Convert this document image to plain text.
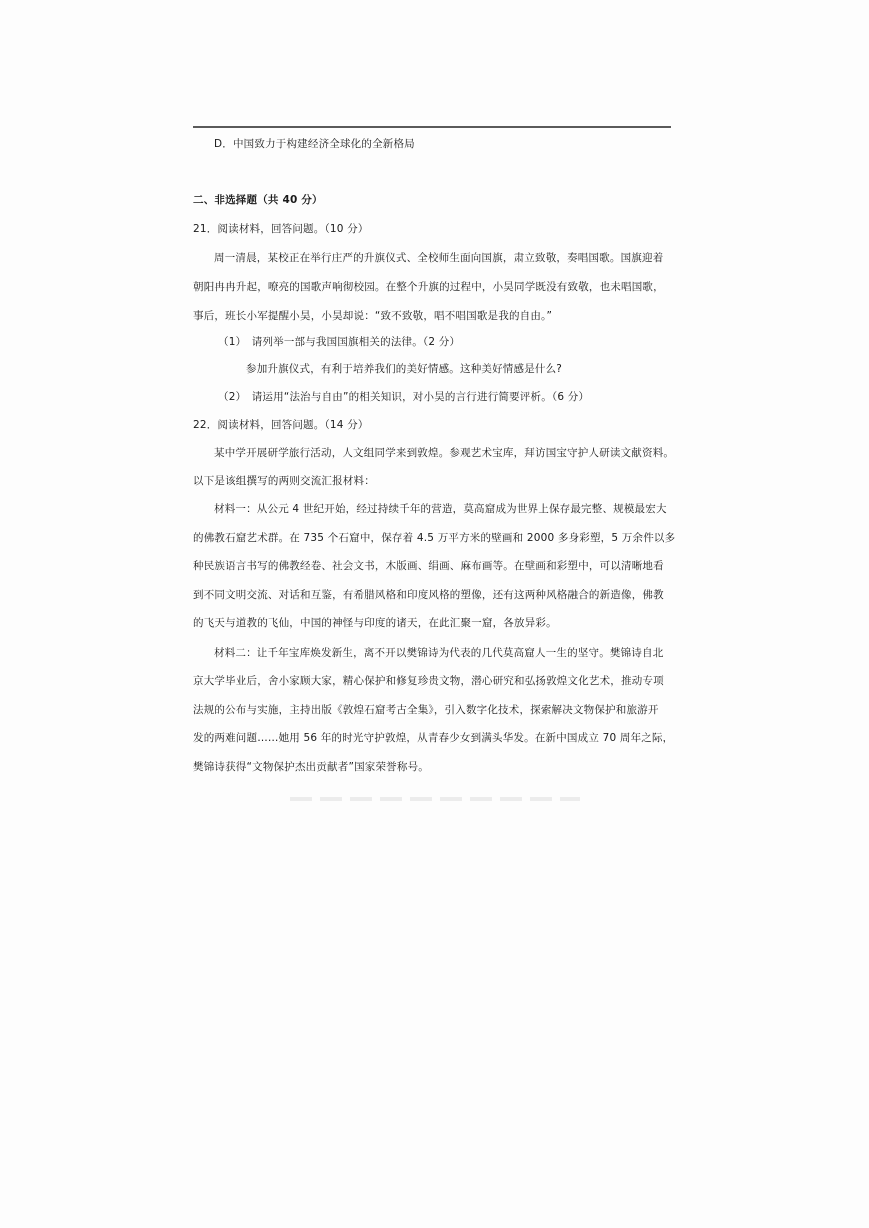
D．中国致力于构建经济全球化的全新格局
二、非选择题（共 40 分）
21．阅读材料，回答问题。（10 分）
周一清晨，某校正在举行庄严的升旗仪式、全校师生面向国旗，肃立致敬，奏唱国歌。国旗迎着
朝阳冉冉升起，嘹亮的国歌声响彻校园。在整个升旗的过程中，小昊同学既没有致敬，也未唱国歌，
事后，班长小军提醒小昊，小昊却说：“致不致敬，唱不唱国歌是我的自由。”
（1）　请列举一部与我国国旗相关的法律。（2 分）
参加升旗仪式，有利于培养我们的美好情感。这种美好情感是什么?
（2）　请运用“法治与自由”的相关知识，对小昊的言行进行简要评析。（6 分）
22．阅读材料，回答问题。（14 分）
某中学开展研学旅行活动，人文组同学来到敦煌。参观艺术宝库，拜访国宝守护人研读文献资料。
以下是该组撰写的两则交流汇报材料：
材料一：从公元 4 世纪开始，经过持续千年的营造，莫高窟成为世界上保存最完整、规模最宏大
的佛教石窟艺术群。在 735 个石窟中，保存着 4.5 万平方米的壁画和 2000 多身彩塑，5 万余件以多
种民族语言书写的佛教经卷、社会文书，木版画、绢画、麻布画等。在壁画和彩塑中，可以清晰地看
到不同文明交流、对话和互鉴，有希腊风格和印度风格的塑像，还有这两种风格融合的新造像，佛教
的飞天与道教的飞仙，中国的神怪与印度的诸天，在此汇聚一窟，各放异彩。
材料二：让千年宝库焕发新生，离不开以樊锦诗为代表的几代莫高窟人一生的坚守。樊锦诗自北
京大学毕业后，舍小家顾大家，精心保护和修复珍贵文物，潜心研究和弘扬敦煌文化艺术，推动专项
法规的公布与实施，主持出版《敦煌石窟考古全集》，引入数字化技术，探索解决文物保护和旅游开
发的两难问题……她用 56 年的时光守护敦煌，从青春少女到满头华发。在新中国成立 70 周年之际，
樊锦诗获得“文物保护杰出贡献者”国家荣誉称号。
